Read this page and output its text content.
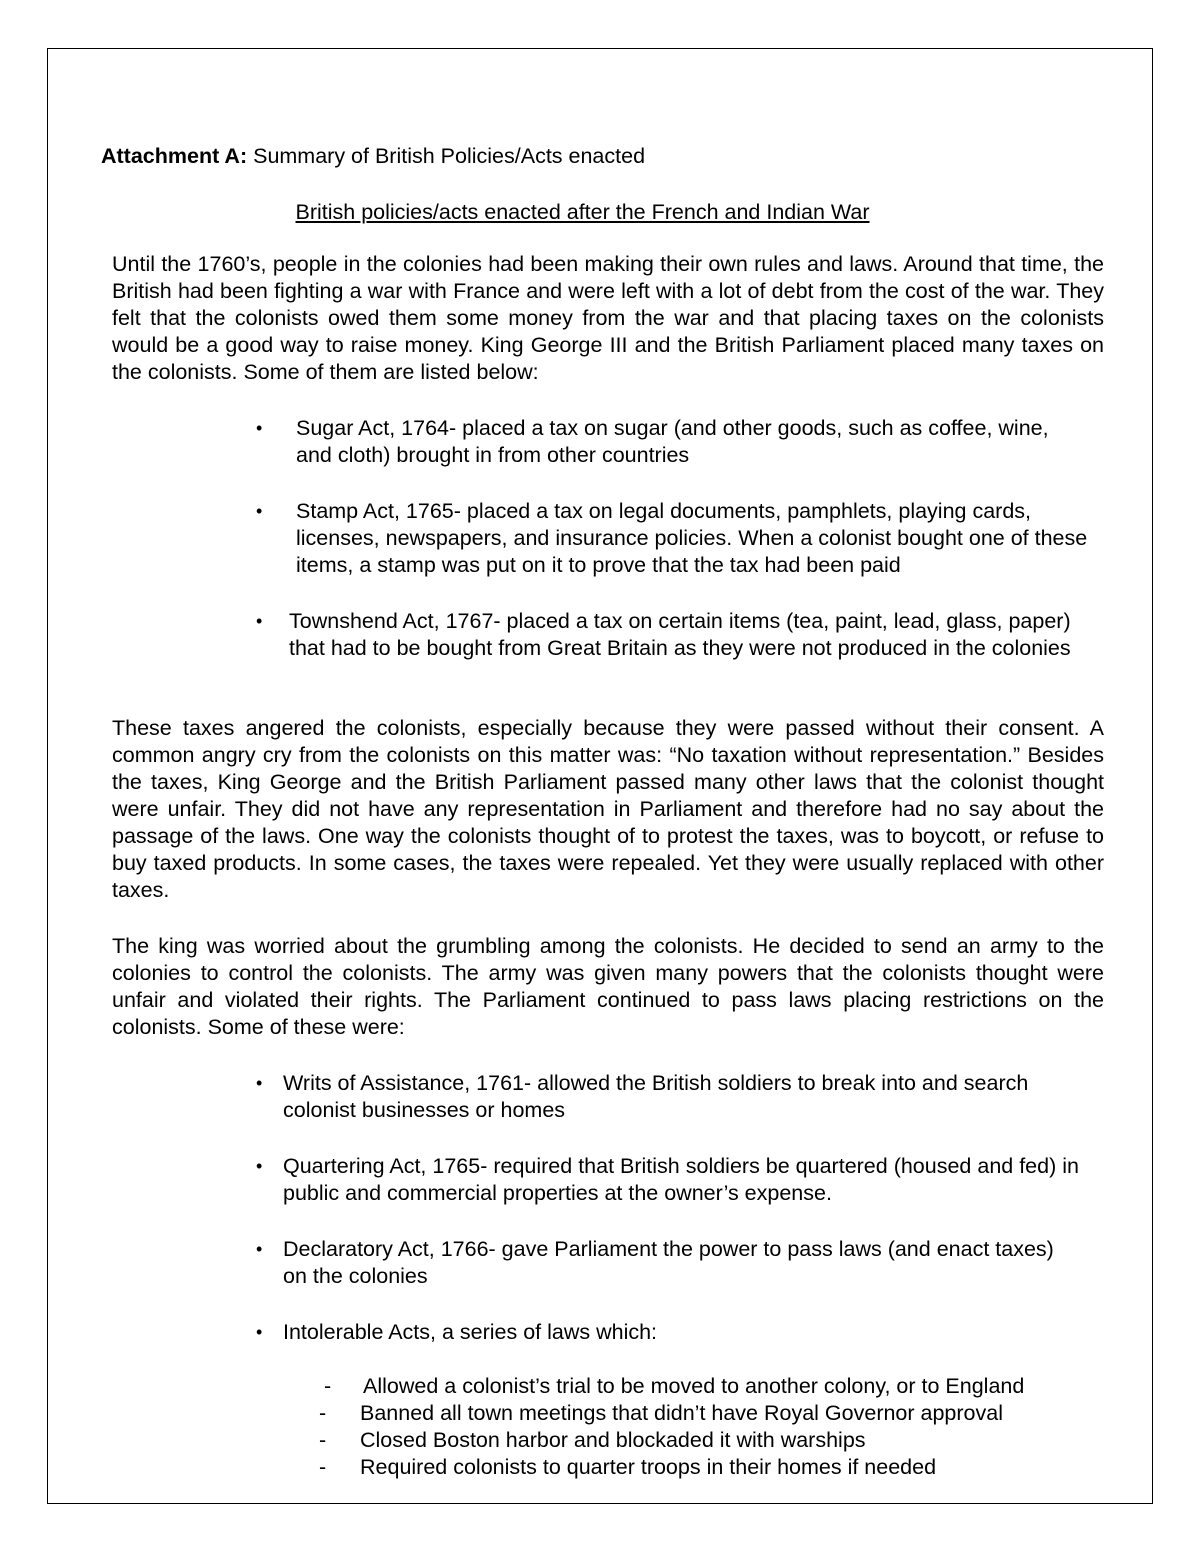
Attachment A: Summary of British Policies/Acts enacted
British policies/acts enacted after the French and Indian War
Until the 1760’s, people in the colonies had been making their own rules and laws. Around that time, the British had been fighting a war with France and were left with a lot of debt from the cost of the war. They felt that the colonists owed them some money from the war and that placing taxes on the colonists would be a good way to raise money. King George III and the British Parliament placed many taxes on the colonists. Some of them are listed below:
• Sugar Act, 1764- placed a tax on sugar (and other goods, such as coffee, wine, and cloth) brought in from other countries
• Stamp Act, 1765- placed a tax on legal documents, pamphlets, playing cards, licenses, newspapers, and insurance policies. When a colonist bought one of these items, a stamp was put on it to prove that the tax had been paid
• Townshend Act, 1767- placed a tax on certain items (tea, paint, lead, glass, paper) that had to be bought from Great Britain as they were not produced in the colonies
These taxes angered the colonists, especially because they were passed without their consent. A common angry cry from the colonists on this matter was: “No taxation without representation.” Besides the taxes, King George and the British Parliament passed many other laws that the colonist thought were unfair. They did not have any representation in Parliament and therefore had no say about the passage of the laws. One way the colonists thought of to protest the taxes, was to boycott, or refuse to buy taxed products. In some cases, the taxes were repealed. Yet they were usually replaced with other taxes.
The king was worried about the grumbling among the colonists. He decided to send an army to the colonies to control the colonists. The army was given many powers that the colonists thought were unfair and violated their rights. The Parliament continued to pass laws placing restrictions on the colonists. Some of these were:
• Writs of Assistance, 1761- allowed the British soldiers to break into and search colonist businesses or homes
• Quartering Act, 1765- required that British soldiers be quartered (housed and fed) in public and commercial properties at the owner’s expense.
• Declaratory Act, 1766- gave Parliament the power to pass laws (and enact taxes) on the colonies
• Intolerable Acts, a series of laws which:
- Allowed a colonist’s trial to be moved to another colony, or to England
- Banned all town meetings that didn’t have Royal Governor approval
- Closed Boston harbor and blockaded it with warships
- Required colonists to quarter troops in their homes if needed
